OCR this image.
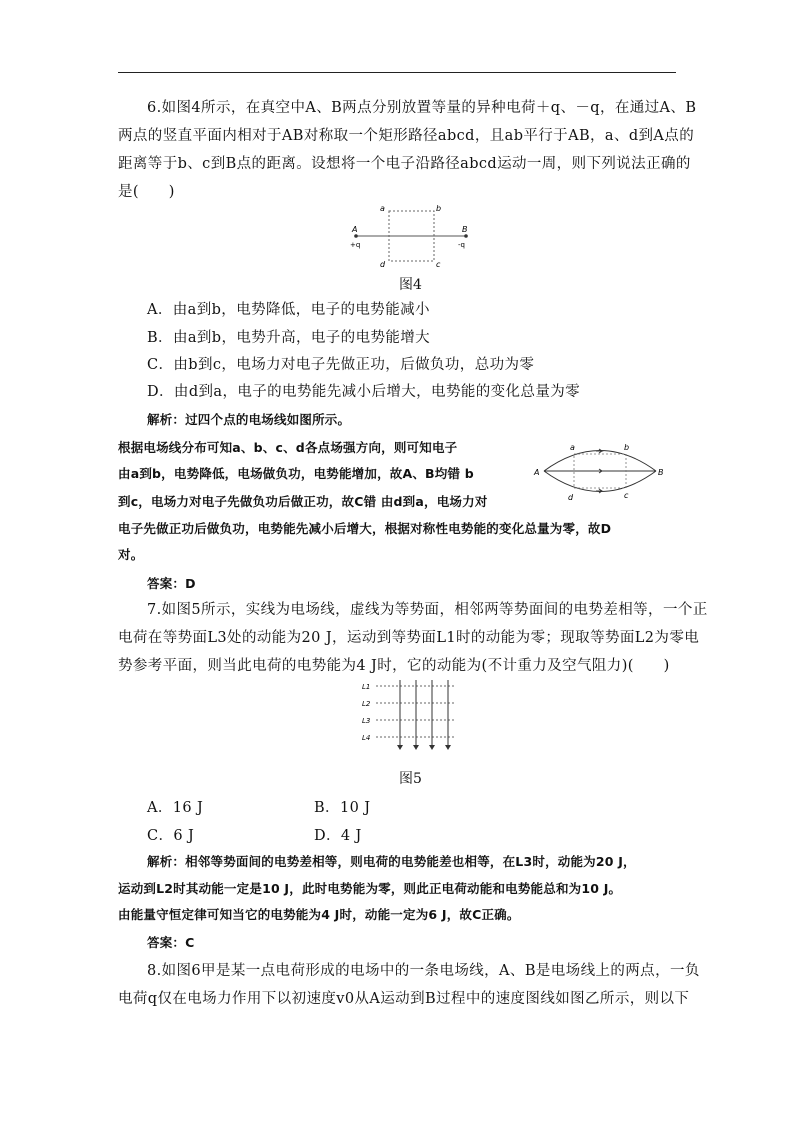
6.如图4所示，在真空中A、B两点分别放置等量的异种电荷＋q、－q，在通过A、B
两点的竖直平面内相对于AB对称取一个矩形路径abcd，且ab平行于AB，a、d到A点的
距离等于b、c到B点的距离。设想将一个电子沿路径abcd运动一周，则下列说法正确的
是(　　)
a	b
c
d
A	B
+q	-q
图4
A．由a到b，电势降低，电子的电势能减小
B．由a到b，电势升高，电子的电势能增大
C．由b到c，电场力对电子先做正功，后做负功，总功为零
D．由d到a，电子的电势能先减小后增大，电势能的变化总量为零
解析：过四个点的电场线如图所示。
根据电场线分布可知a、b、c、d各点场强方向，则可知电子
由a到b，电势降低，电场做负功，电势能增加，故A、B均错 b
到c，电场力对电子先做负功后做正功，故C错 由d到a，电场力对
电子先做正功后做负功，电势能先减小后增大，根据对称性电势能的变化总量为零，故D
对。
A	B
a	b
c
d
答案：D
7.如图5所示，实线为电场线，虚线为等势面，相邻两等势面间的电势差相等，一个正
电荷在等势面L3处的动能为20 J，运动到等势面L1时的动能为零；现取等势面L2为零电
势参考平面，则当此电荷的电势能为4 J时，它的动能为(不计重力及空气阻力)(　　)
L1
L2
L3
L4
图5
A．16 J	B．10 J
C．6 J	D．4 J
解析：相邻等势面间的电势差相等，则电荷的电势能差也相等，在L3时，动能为20 J，
运动到L2时其动能一定是10 J，此时电势能为零，则此正电荷动能和电势能总和为10 J。
由能量守恒定律可知当它的电势能为4 J时，动能一定为6 J，故C正确。
答案：C
8.如图6甲是某一点电荷形成的电场中的一条电场线，A、B是电场线上的两点，一负
电荷q仅在电场力作用下以初速度v0从A运动到B过程中的速度图线如图乙所示，则以下
